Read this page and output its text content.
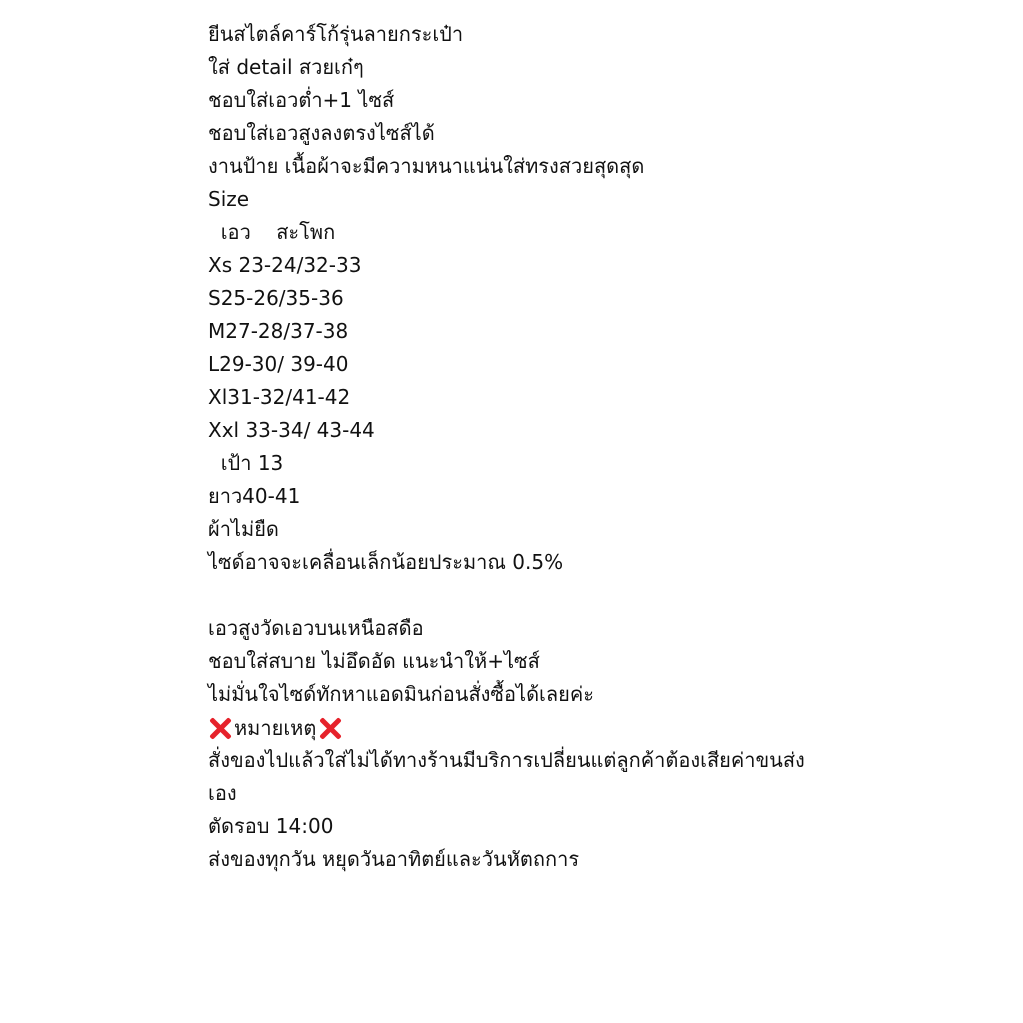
ยีนสไตล์คาร์โก้รุ่นลายกระเป๋า
ใส่ detail สวยเก๋ๆ
ชอบใส่เอวต่ำ+1 ไซส์
ชอบใส่เอวสูงลงตรงไซส์ได้
งานป้าย เนื้อผ้าจะมีความหนาแน่นใส่ทรงสวยสุดสุด
Size
เอว    สะโพก
Xs 23-24/32-33
S25-26/35-36
M27-28/37-38
L29-30/ 39-40
Xl31-32/41-42
Xxl 33-34/ 43-44
เป้า 13
ยาว40-41
ผ้าไม่ยืด
ไซด์อาจจะเคลื่อนเล็กน้อยประมาณ 0.5%
เอวสูงวัดเอวบนเหนือสดือ
ชอบใส่สบาย ไม่อึดอัด แนะนำให้+ไซส์
ไม่มั่นใจไซด์ทักหาแอดมินก่อนสั่งซื้อได้เลยค่ะ
หมายเหตุ
สั่งของไปแล้วใส่ไม่ได้ทางร้านมีบริการเปลี่ยนแต่ลูกค้าต้องเสียค่าขนส่ง
เอง
ตัดรอบ 14:00
ส่งของทุกวัน หยุดวันอาทิตย์และวันหัตถการ
